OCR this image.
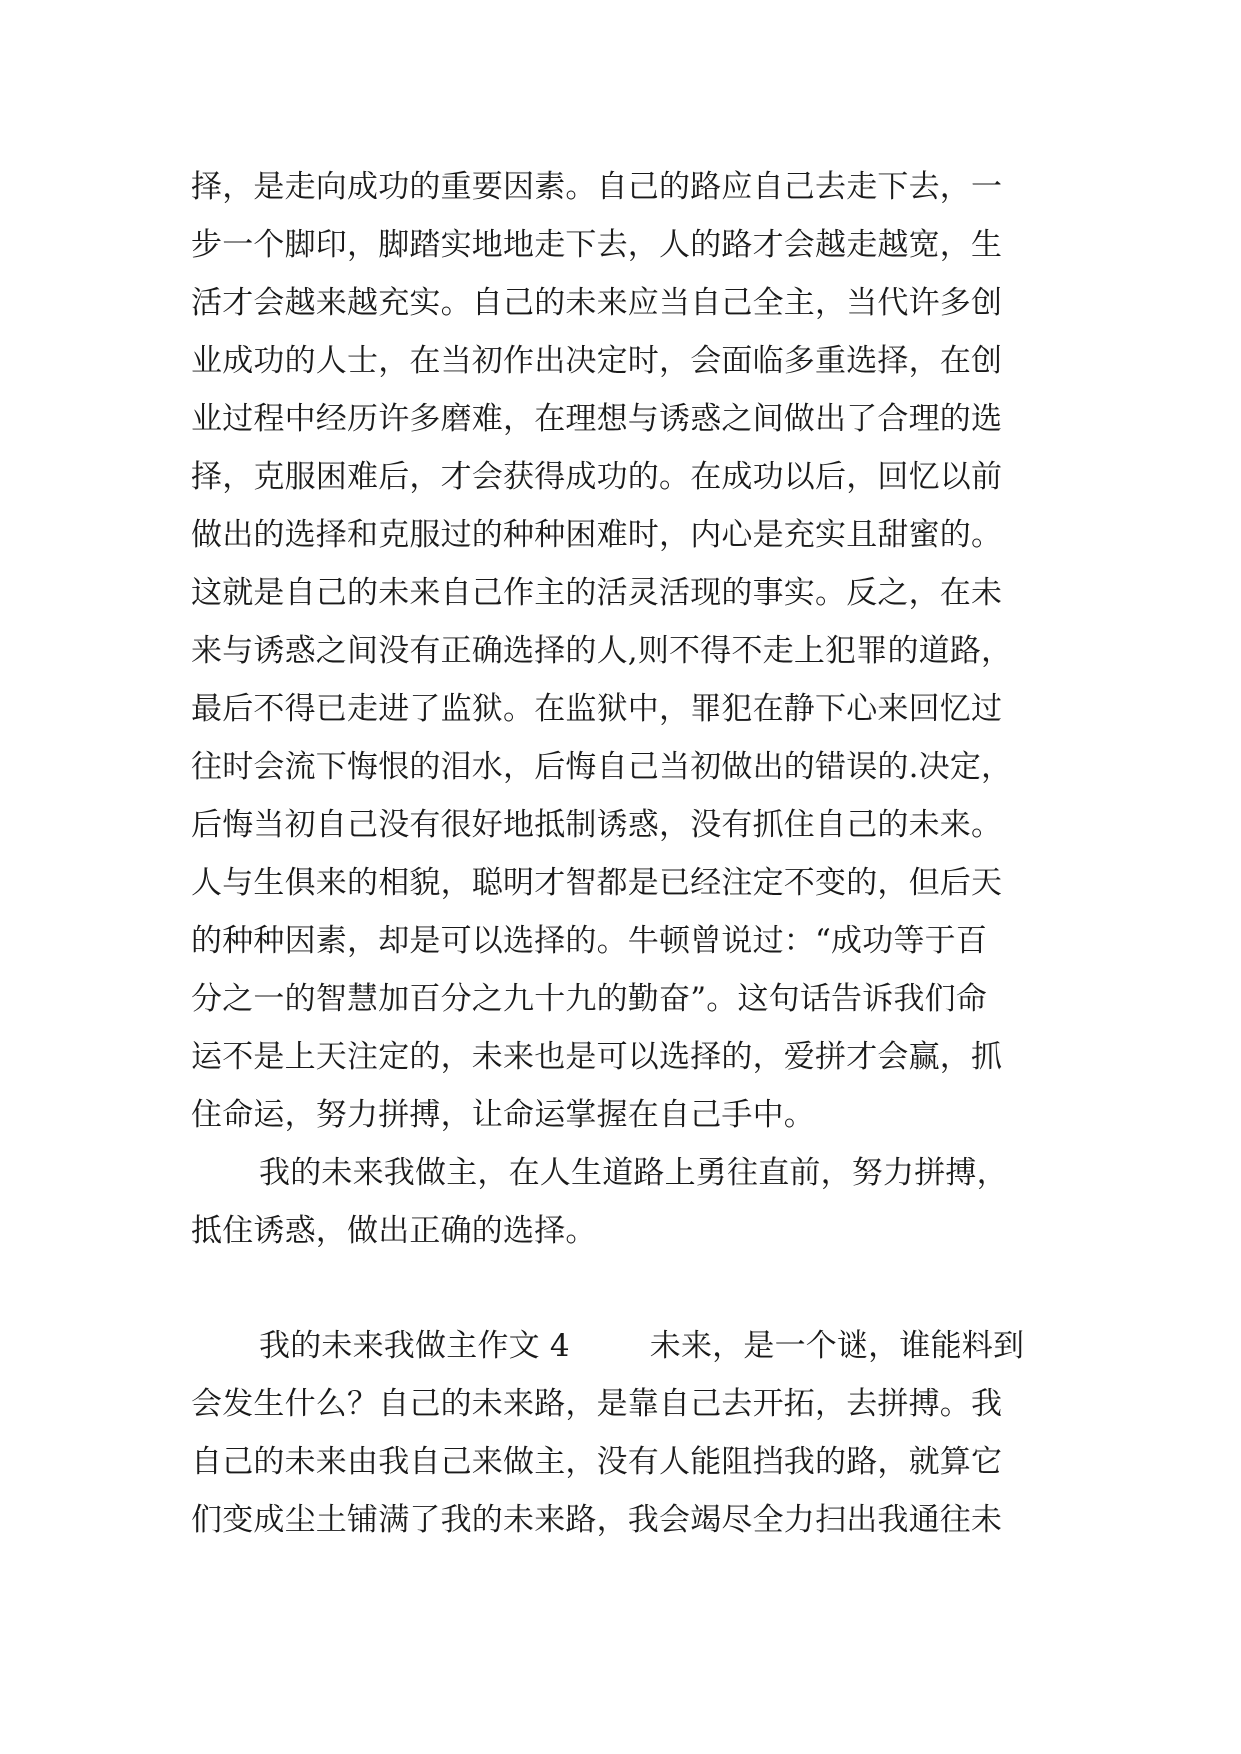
择，是走向成功的重要因素。自己的路应自己去走下去，一
步一个脚印，脚踏实地地走下去，人的路才会越走越宽，生
活才会越来越充实。自己的未来应当自己全主，当代许多创
业成功的人士，在当初作出决定时，会面临多重选择，在创
业过程中经历许多磨难，在理想与诱惑之间做出了合理的选
择，克服困难后，才会获得成功的。在成功以后，回忆以前
做出的选择和克服过的种种困难时，内心是充实且甜蜜的。
这就是自己的未来自己作主的活灵活现的事实。反之，在未
来与诱惑之间没有正确选择的人,则不得不走上犯罪的道路，
最后不得已走进了监狱。在监狱中，罪犯在静下心来回忆过
往时会流下悔恨的泪水，后悔自己当初做出的错误的.决定，
后悔当初自己没有很好地抵制诱惑，没有抓住自己的未来。
人与生俱来的相貌，聪明才智都是已经注定不变的，但后天
的种种因素，却是可以选择的。牛顿曾说过：“成功等于百
分之一的智慧加百分之九十九的勤奋”。这句话告诉我们命
运不是上天注定的，未来也是可以选择的，爱拼才会赢，抓
住命运，努力拼搏，让命运掌握在自己手中。
我的未来我做主，在人生道路上勇往直前，努力拼搏，
抵住诱惑，做出正确的选择。
我的未来我做主作文 4	未来，是一个谜，谁能料到
会发生什么？自己的未来路，是靠自己去开拓，去拼搏。我
自己的未来由我自己来做主，没有人能阻挡我的路，就算它
们变成尘土铺满了我的未来路，我会竭尽全力扫出我通往未
